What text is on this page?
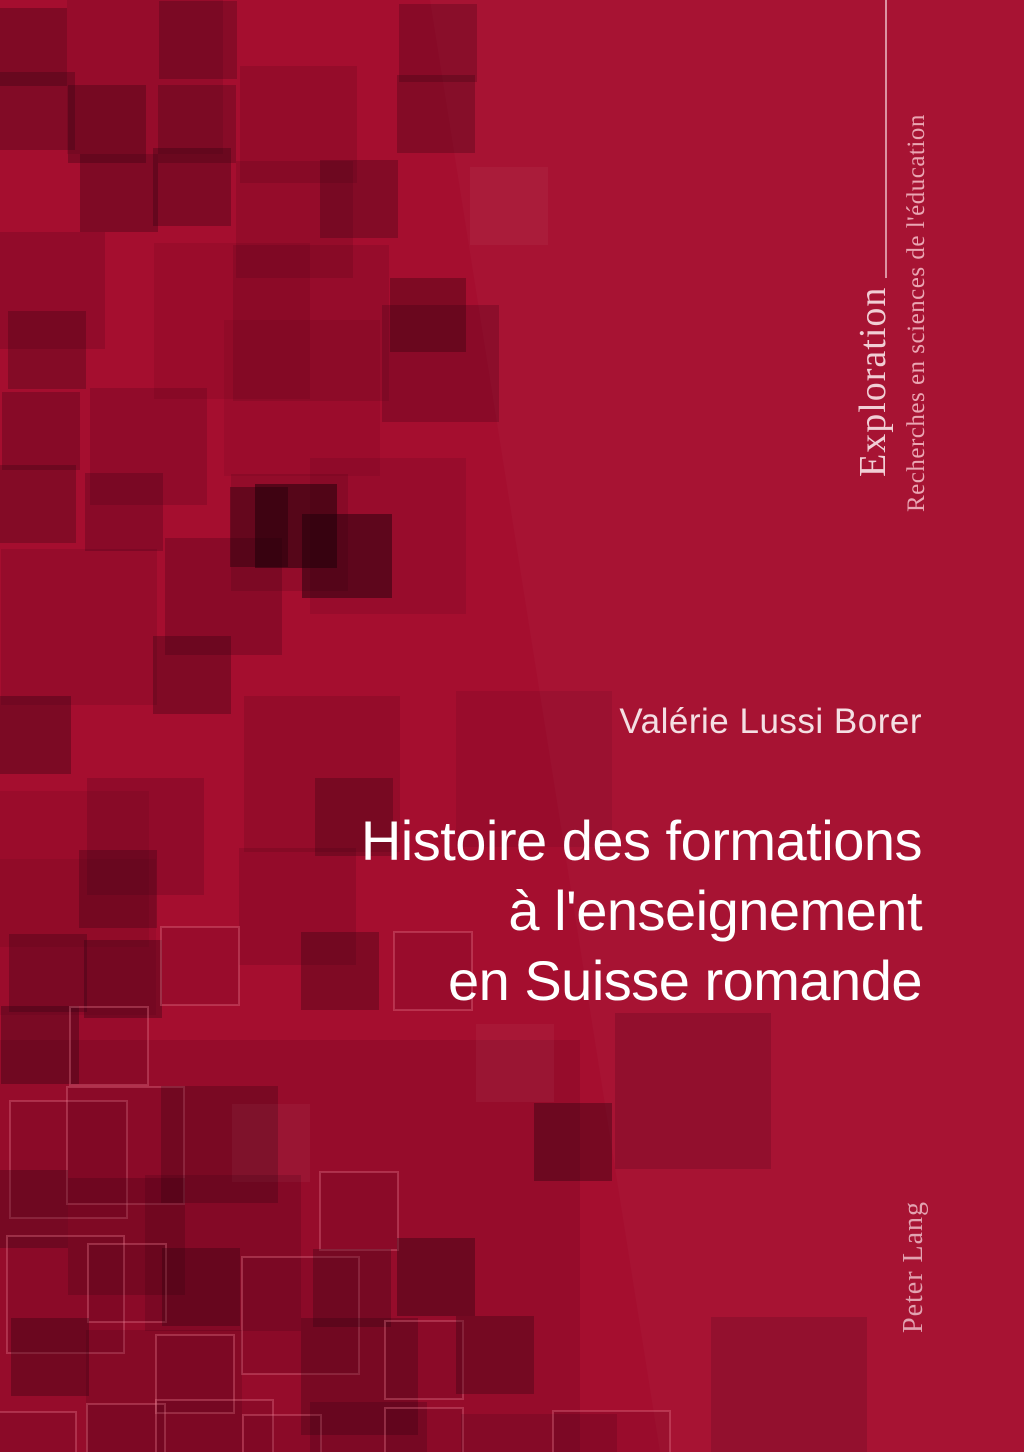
Exploration Recherches en sciences de l'éducation
Valérie Lussi Borer
Histoire des formations
à l'enseignement
en Suisse romande
Peter Lang
